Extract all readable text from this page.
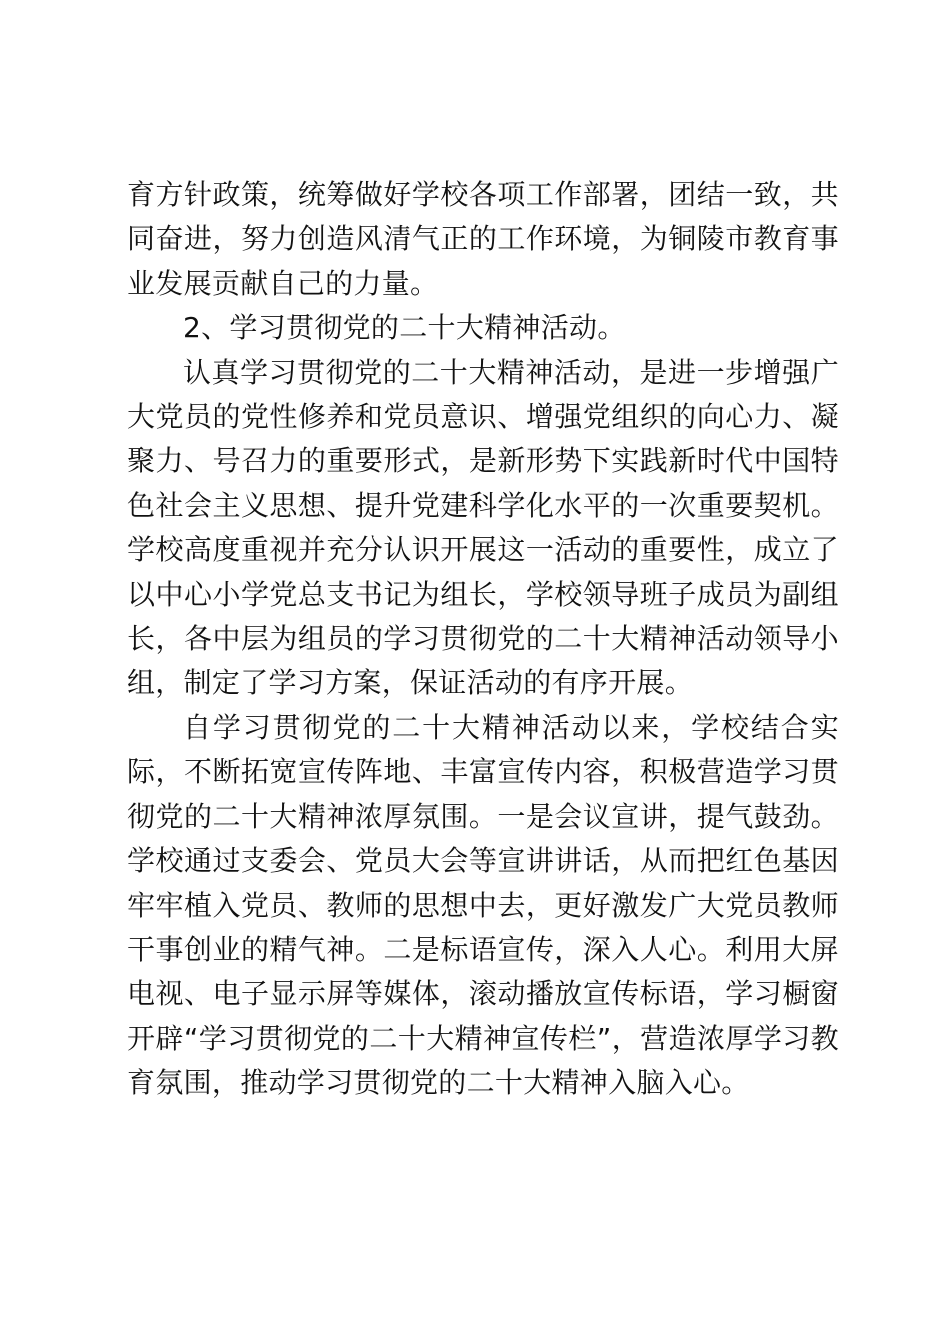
育方针政策，统筹做好学校各项工作部署，团结一致，共同奋进，努力创造风清气正的工作环境，为铜陵市教育事业发展贡献自己的力量。

2、学习贯彻党的二十大精神活动。

认真学习贯彻党的二十大精神活动，是进一步增强广大党员的党性修养和党员意识、增强党组织的向心力、凝聚力、号召力的重要形式，是新形势下实践新时代中国特色社会主义思想、提升党建科学化水平的一次重要契机。学校高度重视并充分认识开展这一活动的重要性，成立了以中心小学党总支书记为组长，学校领导班子成员为副组长，各中层为组员的学习贯彻党的二十大精神活动领导小组，制定了学习方案，保证活动的有序开展。

自学习贯彻党的二十大精神活动以来，学校结合实际，不断拓宽宣传阵地、丰富宣传内容，积极营造学习贯彻党的二十大精神浓厚氛围。一是会议宣讲，提气鼓劲。学校通过支委会、党员大会等宣讲讲话，从而把红色基因牢牢植入党员、教师的思想中去，更好激发广大党员教师干事创业的精气神。二是标语宣传，深入人心。利用大屏电视、电子显示屏等媒体，滚动播放宣传标语，学习橱窗开辟“学习贯彻党的二十大精神宣传栏”，营造浓厚学习教育氛围，推动学习贯彻党的二十大精神入脑入心。
